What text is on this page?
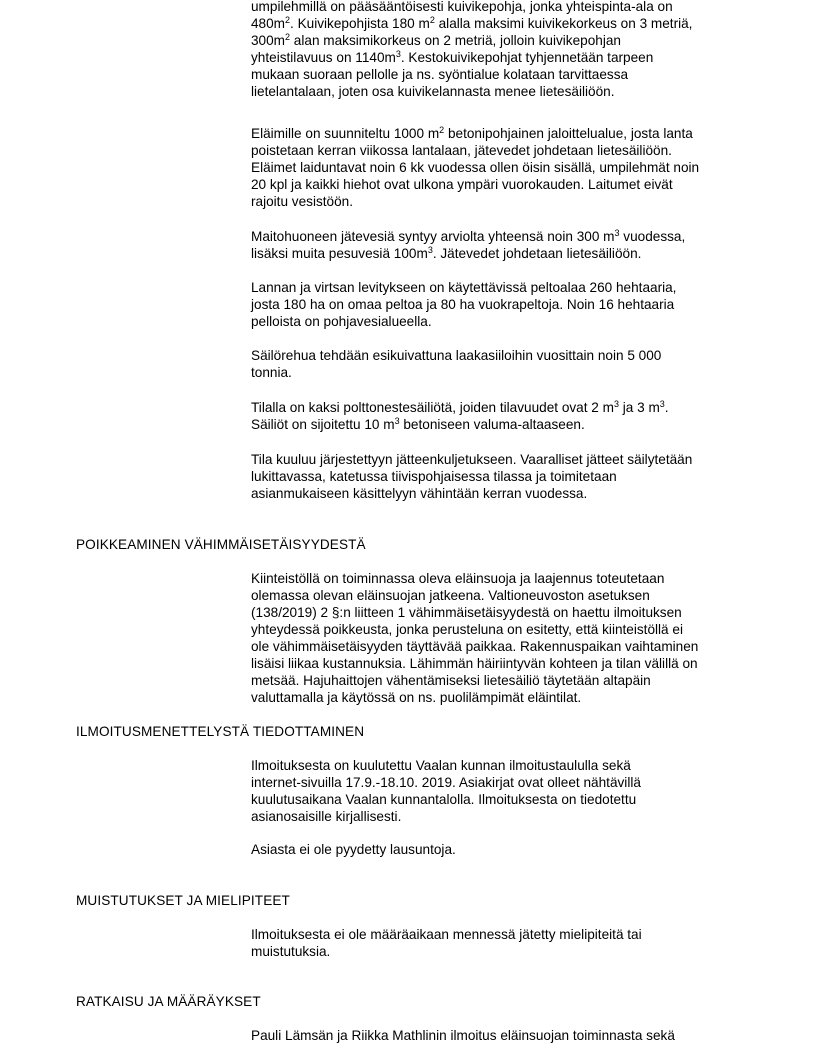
umpilehmillä on pääsääntöisesti kuivikepohja, jonka yhteispinta-ala on
$480m^2$. Kuivikepohjista 180 $m^2$ alalla maksimi kuivikekorkeus on 3 metriä,
$300m^2$ alan maksimikorkeus on 2 metriä, jolloin kuivikepohjan
yhteistilavuus on $1140m^3$. Kestokuivikepohjat tyhjennetään tarpeen
mukaan suoraan pellolle ja ns. syöntialue kolataan tarvittaessa
lietelantalaan, joten osa kuivikelannasta menee lietesäiliöön.

Eläimille on suunniteltu 1000 $m^2$ betonipohjainen jaloittelualue, josta lanta
poistetaan kerran viikossa lantalaan, jätevedet johdetaan lietesäiliöön.
Eläimet laiduntavat noin 6 kk vuodessa ollen öisin sisällä, umpilehmät noin
20 kpl ja kaikki hiehot ovat ulkona ympäri vuorokauden. Laitumet eivät
rajoitu vesistöön.

Maitohuoneen jätevesiä syntyy arviolta yhteensä noin 300 $m^3$ vuodessa,
lisäksi muita pesuvesiä $100m^3$. Jätevedet johdetaan lietesäiliöön.

Lannan ja virtsan levitykseen on käytettävissä peltoalaa 260 hehtaaria,
josta 180 ha on omaa peltoa ja 80 ha vuokrapeltoja. Noin 16 hehtaaria
pelloista on pohjavesialueella.

Säilörehua tehdään esikuivattuna laakasiiloihin vuosittain noin 5 000
tonnia.

Tilalla on kaksi polttonestesäiliötä, joiden tilavuudet ovat 2 $m^3$ ja 3 $m^3$.
Säiliöt on sijoitettu 10 $m^3$ betoniseen valuma-altaaseen.

Tila kuuluu järjestettyyn jätteenkuljetukseen. Vaaralliset jätteet säilytetään
lukittavassa, katetussa tiivispohjaisessa tilassa ja toimitetaan
asianmukaiseen käsittelyyn vähintään kerran vuodessa.

POIKKEAMINEN VÄHIMMÄISETÄISYYDESTÄ

Kiinteistöllä on toiminnassa oleva eläinsuoja ja laajennus toteutetaan
olemassa olevan eläinsuojan jatkeena. Valtioneuvoston asetuksen
(138/2019) 2 §:n liitteen 1 vähimmäisetäisyydestä on haettu ilmoituksen
yhteydessä poikkeusta, jonka perusteluna on esitetty, että kiinteistöllä ei
ole vähimmäisetäisyyden täyttävää paikkaa. Rakennuspaikan vaihtaminen
lisäisi liikaa kustannuksia. Lähimmän häiriintyvän kohteen ja tilan välillä on
metsää. Hajuhaittojen vähentämiseksi lietesäiliö täytetään altapäin
valuttamalla ja käytössä on ns. puolilämpimät eläintilat.

ILMOITUSMENETTELYSTÄ TIEDOTTAMINEN

Ilmoituksesta on kuulutettu Vaalan kunnan ilmoitustaululla sekä
internet-sivuilla 17.9.-18.10. 2019. Asiakirjat ovat olleet nähtävillä
kuulutusaikana Vaalan kunnantalolla. Ilmoituksesta on tiedotettu
asianosaisille kirjallisesti.

Asiasta ei ole pyydetty lausuntoja.

MUISTUTUKSET JA MIELIPITEET

Ilmoituksesta ei ole määräaikaan mennessä jätetty mielipiteitä tai
muistutuksia.

RATKAISU JA MÄÄRÄYKSET

Pauli Lämsän ja Riikka Mathlinin ilmoitus eläinsuojan toiminnasta sekä
